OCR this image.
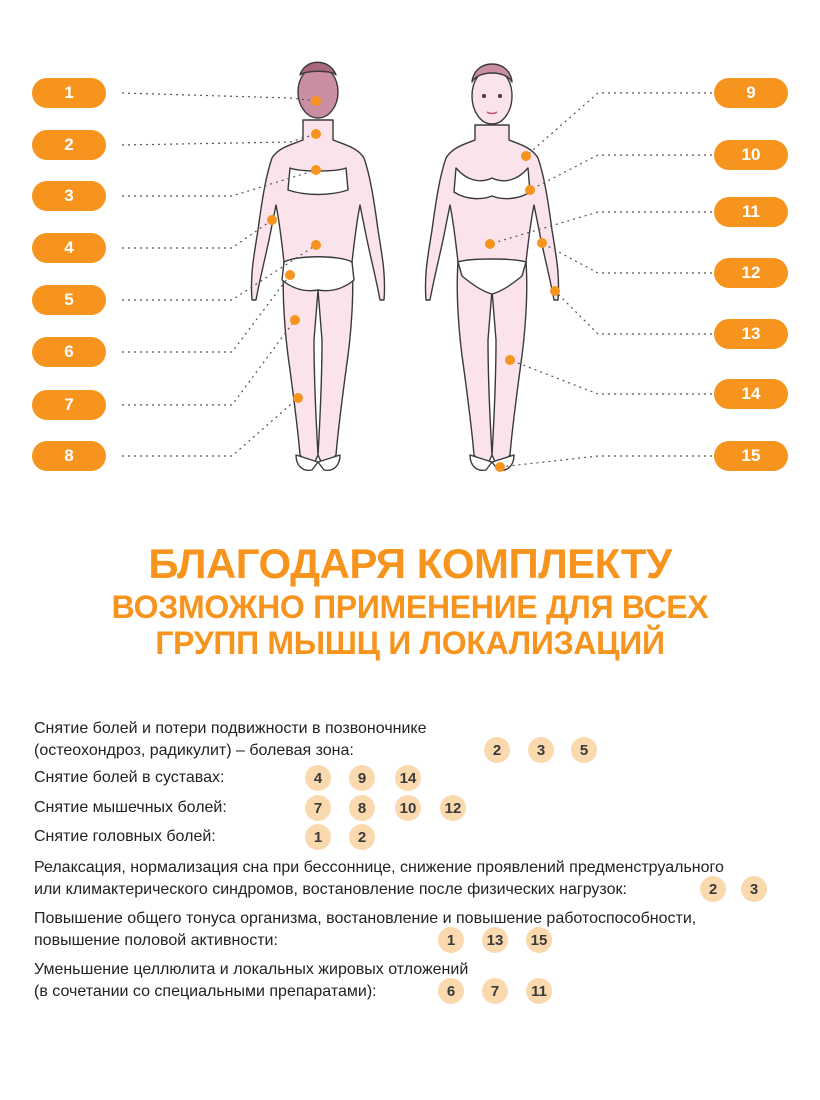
1
2
3
4
5
6
7
8
9
10
11
12
13
14
15
БЛАГОДАРЯ КОМПЛЕКТУ
ВОЗМОЖНО ПРИМЕНЕНИЕ ДЛЯ ВСЕХ
ГРУПП МЫШЦ И ЛОКАЛИЗАЦИЙ
Снятие болей и потери подвижности в позвоночнике
(остеохондроз, радикулит) – болевая зона:	2	3	5
Снятие болей в суставах:	4	9	14
Снятие мышечных болей:	7	8	10	12
Снятие головных болей:	1	2
Релаксация, нормализация сна при бессоннице, снижение проявлений предменструального
или климактерического синдромов, востановление после физических нагрузок:	2	3
Повышение общего тонуса организма, востановление и повышение работоспособности,
повышение половой активности:	1	13	15
Уменьшение целлюлита и локальных жировых отложений
(в сочетании со специальными препаратами):	6	7	11
